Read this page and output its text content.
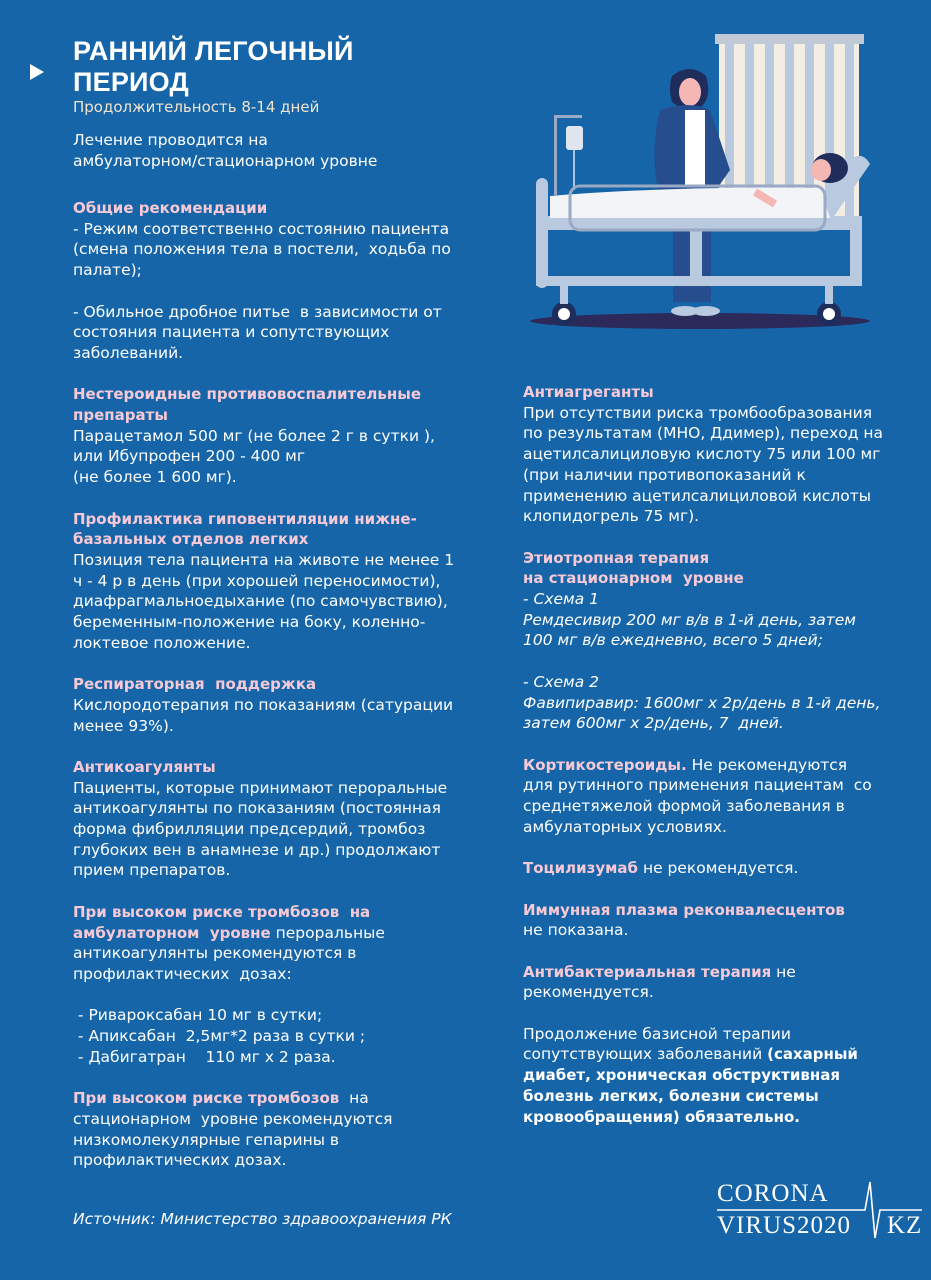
РАННИЙ ЛЕГОЧНЫЙ
ПЕРИОД
Продолжительность 8-14 дней
Лечение проводится на
амбулаторном/стационарном уровне
Общие рекомендации
- Режим соответственно состоянию пациента
(смена положения тела в постели,  ходьба по
палате);
- Обильное дробное питье  в зависимости от
состояния пациента и сопутствующих
заболеваний.
Нестероидные противовоспалительные
препараты
Парацетамол 500 мг (не более 2 г в сутки ),
или Ибупрофен 200 - 400 мг
(не более 1 600 мг).
Профилактика гиповентиляции нижне-
базальных отделов легких
Позиция тела пациента на животе не менее 1
ч - 4 р в день (при хорошей переносимости),
диафрагмальноедыхание (по самочувствию),
беременным-положение на боку, коленно-
локтевое положение.
Респираторная  поддержка
Кислородотерапия по показаниям (сатурации
менее 93%).
Антикоагулянты
Пациенты, которые принимают пероральные
антикоагулянты по показаниям (постоянная
форма фибрилляции предсердий, тромбоз
глубоких вен в анамнезе и др.) продолжают
прием препаратов.
При высоком риске тромбозов  на
амбулаторном  уровне пероральные
антикоагулянты рекомендуются в
профилактических  дозах:
- Ривароксабан 10 мг в сутки;
- Апиксабан  2,5мг*2 раза в сутки ;
- Дабигатран    110 мг х 2 раза.
При высоком риске тромбозов  на
стационарном  уровне рекомендуются
низкомолекулярные гепарины в
профилактических дозах.
Источник: Министерство здравоохранения РК
Антиагреганты
При отсутствии риска тромбообразования
по результатам (МНО, Ддимер), переход на
ацетилсалициловую кислоту 75 или 100 мг
(при наличии противопоказаний к
применению ацетилсалициловой кислоты
клопидогрель 75 мг).
Этиотропная терапия
на стационарном  уровне
- Схема 1
Ремдесивир 200 мг в/в в 1-й день, затем
100 мг в/в ежедневно, всего 5 дней;
- Схема 2
Фавипиравир: 1600мг х 2р/день в 1-й день,
затем 600мг х 2р/день, 7  дней.
Кортикостероиды. Не рекомендуются
для рутинного применения пациентам  со
среднетяжелой формой заболевания в
амбулаторных условиях.
Тоцилизумаб не рекомендуется.
Иммунная плазма реконвалесцентов
не показана.
Антибактериальная терапия не
рекомендуется.
Продолжение базисной терапии
сопутствующих заболеваний (сахарный
диабет, хроническая обструктивная
болезнь легких, болезни системы
кровообращения) обязательно.
CORONA
VIRUS2020 KZ
